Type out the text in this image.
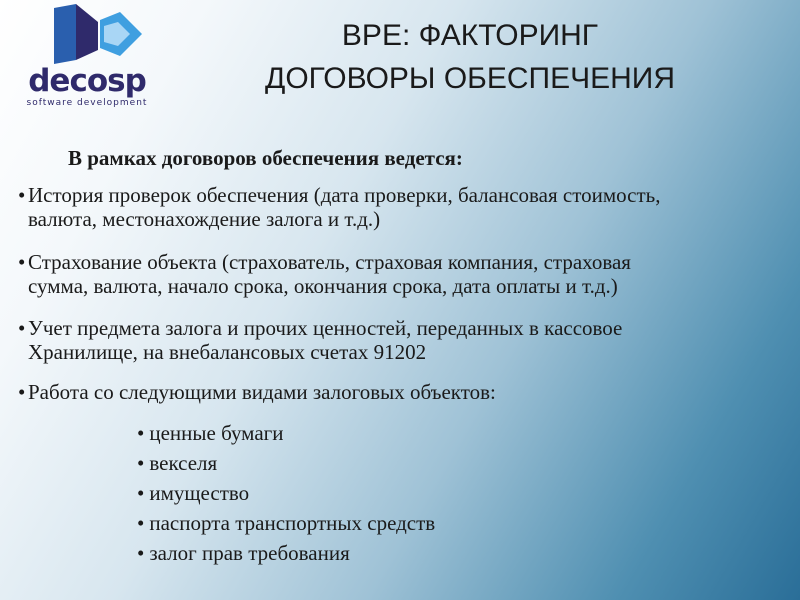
decosp
software development
BPE: ФАКТОРИНГ
ДОГОВОРЫ ОБЕСПЕЧЕНИЯ
В рамках договоров обеспечения ведется:
• История проверок обеспечения (дата проверки, балансовая стоимость,
валюта, местонахождение залога и т.д.)
• Страхование объекта (страхователь, страховая компания, страховая
сумма, валюта, начало срока, окончания срока, дата оплаты и т.д.)
• Учет предмета залога и прочих ценностей, переданных в кассовое
Хранилище, на внебалансовых счетах 91202
• Работа со следующими видами залоговых объектов:
• ценные бумаги
• векселя
• имущество
• паспорта транспортных средств
• залог прав требования
